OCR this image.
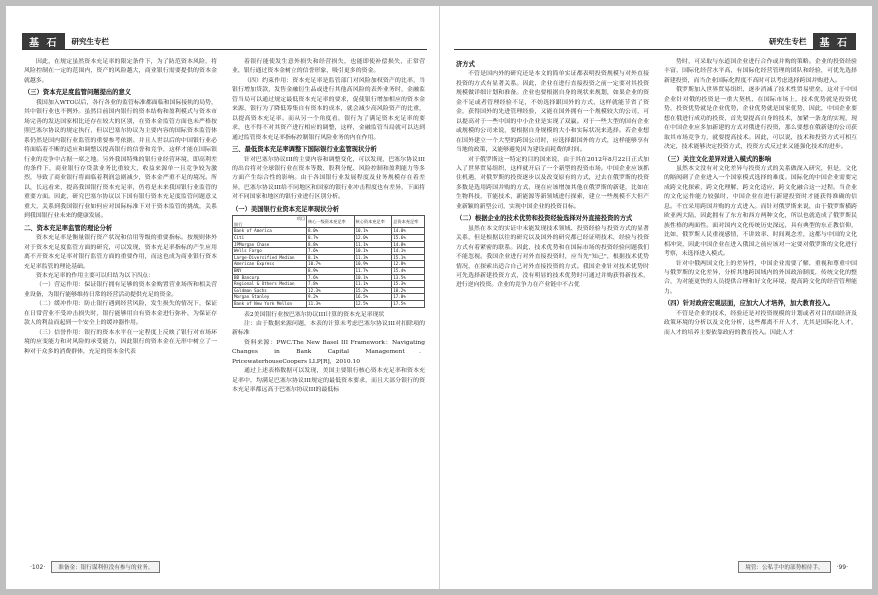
基 石	研究生专栏

因此，在规定虽然资本充足率的限定条件下，为了防范资本风险，将风险控制在一定的范围内，资产的风险越大，商业银行需要提供的资本金就越多。

（三）资本充足度监管问题提出的意义

我国加入WTO以后，各行各业的监管标准都面临和国际接轨的局势，其中银行业也不例外。虽然目前国内银行的资本结构和盈利模式与资本市场完善的发达国家相比还存在较大的区别，在资本金监管方面也未严格按照巴塞尔协议的规定执行，但以巴塞尔协议为主要内容的国际资本监管体系仍然是国内银行业监管的重要参考依据。并且人世以后的中国银行业必将面临着不断的适应和调整以提高银行的信誉和竞争，这样才能在国际银行业的竞争中占据一席之地。另外我国特殊的银行业经营环境，即高利差的条件下，商业银行存贷款业务比重较大，收益来源单一且竞争较为激烈，导致了商业银行将面临着利润急剧减少，资本金严重不足的境况。所以，长远看来，提高我国银行资本充足率，仍将是未来我国银行业监管的重要方面。因此，研究巴塞尔协议以下国有银行资本充足度监管问题意义重大，关系到我国银行业如何应对国际标准下对于资本监管的挑战，关系到我国银行业未来的健康发展。

二、资本充足率监管的理论分析

资本充足率是衡量银行资产状况和信用等级的重要指标。按规则体外对于资本充足度监管方面的研究，可以发现，资本充足率指标的产生应用离不开资本充足率对银行监管方面的重要作用，而这也成为商业银行资本充足率监管的理论基础。

资本充足率的作用主要可以归结为以下四点：

（一）营运作用：保证银行拥有足够的资本金购置营业场所和相关营业设备，为银行能够维持日常的经营活动提供充足的资金。

（二）缓冲作用：防止银行遇到经营风险，发生损失的情况下，保证在日常营业不受冲击损失时，银行能够用自有资本金进行弥补，为保证存款人的利益而起到一个安全上的缓冲器作用。

（三）信誉作用：银行的资本水平在一定程度上反映了银行对市场环境的应变能力和对风险的承受能力，因此银行的资本金在无形中树立了一种对于众多的消费群体，充足的资本金代表

着银行能使发生意外损失和经营损失，也能即使补偿损失，正常营业，银行通过资本金树立的信誉形象，吸引更多的资金。

（四）约束作用：资本充足率是监管部门对风险加权资产的比率，当银行增加贷款，发售金融衍生品或进行其他高风险的表外业务时，金融监管当局可以通过规定最低资本充足率的要求，促使银行增加相应的资本金来源，银行为了降低筹集自有资本的成本，就会减少高风险资产的比重，以提高资本充足率。而从另一个角度看，银行为了满足资本充足率的要求，也不得不对其资产进行相应的调整，这样，金融监管当局就可以达到通过监管资本充足率指标控制银行风险业务的内在作用。

三、最低资本充足率调整下国际银行业监管现状分析

针对巴塞尔协议III的主要内容和调整变化，可以发现，巴塞尔协议III的出台将对全球银行业在资本等数、股利分配、风险控制和盈利能力等多方面产生综合性的影响。由于各国银行业发展程度及业务规模存在着差异，巴塞尔协议III给不同地区和国家的银行业冲击程度也有差异，下面将对不同国家和地区的银行业进行区别分析。

（一）美国银行业资本充足率现状分析
项目
银行	核心一级资本充足率	核心资本充足率	总资本充足率
Bank of America	8.0%	10.1%	14.0%
Citi	8.7%	12.0%	15.6%
JPMorgan Chase	8.8%	11.1%	14.8%
Wells Fargo	7.6%	10.1%	14.1%
Large-Diversified Median	8.1%	11.3%	15.1%
American Express	10.7%	10.9%	12.8%
BNY	8.9%	11.7%	15.4%
BB Bancorp	7.6%	10.1%	13.5%
Regional & Others Median	7.8%	11.1%	15.3%
Goldman Sachs	12.3%	15.2%	18.2%
Morgan Stanley	9.2%	16.5%	17.0%
Bank of New York Mellon	11.3%	12.5%	17.5%

表2美国银行业按巴塞尔协议III计算的资本充足率现状

注：由于数据来源问题，本表的计算未考虑巴塞尔协议III对扣除项的新标准

资料来源：PWC.The New Basel III Framework：Navigating Changes in Bank Capital Management．PricewaterhouseCoopers LLP[R]，2010.10

通过上述表格数据可以发现，美国主要银行核心资本充足率和资本充足率中，均满足巴塞尔协议III规定的最低资本要求，而且大部分银行的资本充足率都远高于巴塞尔协议III的最低标

·102·	准备金：银行谋利但没有参与的业务。
研究生专栏	基 石
济方式

不管是国内外的研究还是本文的简单实证都表明投资规模与对外直接投资的方式有显著关系。因此，企业在进行直接投资之前一定要对其投资规模做详细计划和准备。企业也要根据自身的现状来规划，如果企业的资金不足或者管理经验不足，不妨选择跟国外的方式，这样就能节省了资金，获得国外的先进管理经验，又能在国外拥有一个规模较大的公司，可以提高对于一些中国的中小企业是实现了双赢。对于一些大型的国有企业或规模的公司来说，要根据自身规模的大小和实际状况来选择。若企业想在国外建立一个大型的跨国公司时，应选择跟国外的方式，这样能够享有当地的政策，又能够避免因为建设而耗费的时间。

对于俄罗斯这一特定的目的国来说，由于其在2012年8月22日正式加入了世界贸易组织，这样就开启了一个新型的投资市场。中国企业应该抓住机遇，对俄罗斯的投资逐步以及改变原有的方式，过去在俄罗斯的投资多数是选用跨国并购的方式，现在应该增加其他在俄罗斯的新建，比如在生物科技，节能技术，新能源等新领域进行探索，建立一些规模不大但产业新颖的新型公司，实现中国企业的投资目标。

（二）根据企业的技术优势和投资经验选择对外直接投资的方式

虽然在本文的实证中未能发现技术领域、投资经验与投资方式的显著关系，但是根据以往的研究以及国外的研究都已经证明技术，经验与投资方式有着紧密的联系。因此，技术优势和在国际市场的投资经验问题我们不能忽视。我国企业进行对外直接投资时，应当先"知己"，根据技术优势情况，在探索出适合自己对外直接投资的方式。我国企业针对技术优势时可先选择新建投资方式，没有明显的技术优势时可通过并购获得新技术，进行逆向投资。企业的竞争力在产业链中不占优

势时，可采取与东道国企业进行合作或并购的策略。企业的投资经验丰富，国际化经营水平高，有国际化经营管理的团队和经验，可优先选择新建投资，而当企业国际化程度不高时可以考虑选择跨国并购进入。

俄罗斯加入世界贸易组织，逐步消减了技术性贸易壁垒，这对于中国企业针对俄的投资是一重大契机，在国际市场上，技术优势就是投资优势，投资优势就是企业优势，企业优势就是国家优势，因此，中国企业要想在俄进行成功的投资，首先要提高自身的技术，加紧一条龙的实现，现在中国企业应多加新建的方式对俄进行投资，那么要想在俄新建的公司获取其市场竞争力，就要提高技术。因此，可以说，技术和投资方式可相互决定，技术能够决定投资方式，投资方式反过来又能强化技术的进步。

（三）关注文化差异对进入模式的影响

虽然本文没有对文化差异与投资方式的关系做深入研究，但是，文化的隔阂刺了企业进入一个国家模式选择的难度。国际化的中国企业需要完成跨文化探索，跨文化理解，跨文化适应，跨文化融合这一过程。当企业的文化运作能力较强时，中国企业在进行新建投资时才能获得准确的信息。不宜采用跨国并购的方式进入。而针对俄罗斯来说，由于俄罗斯横跨欧亚两大陆，因此拥有了东方和西方两种文化，所以也就造成了俄罗斯民族性格的两面性。面对国内文化传统历史深远，具有典型的东正教信仰，比如，俄罗斯人民重视感情，不讲效率、时间观念差，这都与中国的文化相冲突，因此中国企业在进入俄国之前应该对一定要对俄罗斯的文化进行考察，未选择进入模式。

针对中俄两国文化上的差异性，中国企业需要了解，重视和尊重中国与俄罗斯的文化差异，分析其地跨国域内的外国政治制度，传统文化的整合，为对能更快的人员提供合理和好文化环境，提高跨文化的经营管理能力。

（四）针对政府宏观层面，应加大人才培养，加大教育投入。

不管是企业的技术，经验还是对投资规模的计划或者对目的国经济及政策环境的分析以及文化分析，这些都离不开人才，尤其是国际化人才，而人才的培养主要依靠政府的教育投入。因此人才

境管：公私手中的部势相待手。	·99·
